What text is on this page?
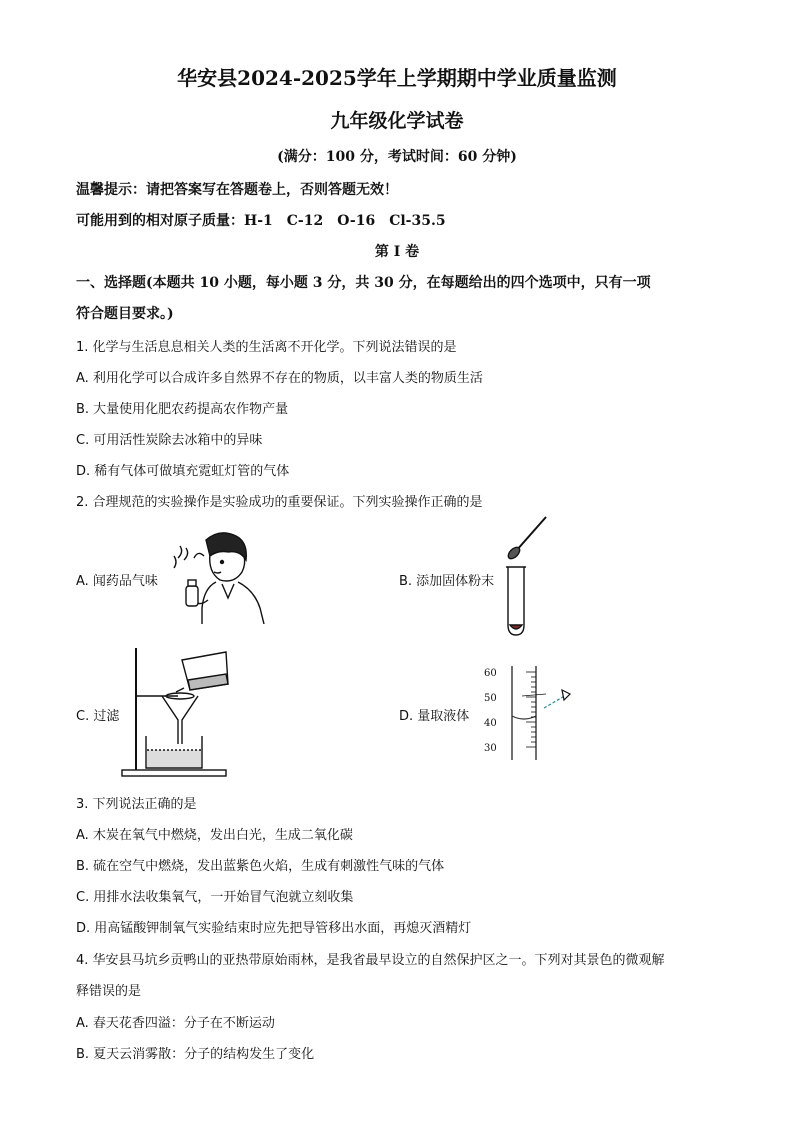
华安县2024-2025学年上学期期中学业质量监测
九年级化学试卷
(满分：100 分，考试时间：60 分钟)
温馨提示：请把答案写在答题卷上，否则答题无效！
可能用到的相对原子质量：H-1　C-12　O-16　Cl-35.5
第 I 卷
一、选择题(本题共 10 小题，每小题 3 分，共 30 分，在每题给出的四个选项中，只有一项
符合题目要求。)
1. 化学与生活息息相关人类的生活离不开化学。下列说法错误的是
A. 利用化学可以合成许多自然界不存在的物质，以丰富人类的物质生活
B. 大量使用化肥农药提高农作物产量
C. 可用活性炭除去冰箱中的异味
D. 稀有气体可做填充霓虹灯管的气体
2. 合理规范的实验操作是实验成功的重要保证。下列实验操作正确的是
A. 闻药品气味	B. 添加固体粉末
C. 过滤	D. 量取液体
60
50
40
30
3. 下列说法正确的是
A. 木炭在氧气中燃烧，发出白光，生成二氧化碳
B. 硫在空气中燃烧，发出蓝紫色火焰，生成有刺激性气味的气体
C. 用排水法收集氧气，一开始冒气泡就立刻收集
D. 用高锰酸钾制氧气实验结束时应先把导管移出水面，再熄灭酒精灯
4. 华安县马坑乡贡鸭山的亚热带原始雨林，是我省最早设立的自然保护区之一。下列对其景色的微观解
释错误的是
A. 春天花香四溢：分子在不断运动
B. 夏天云消雾散：分子的结构发生了变化
